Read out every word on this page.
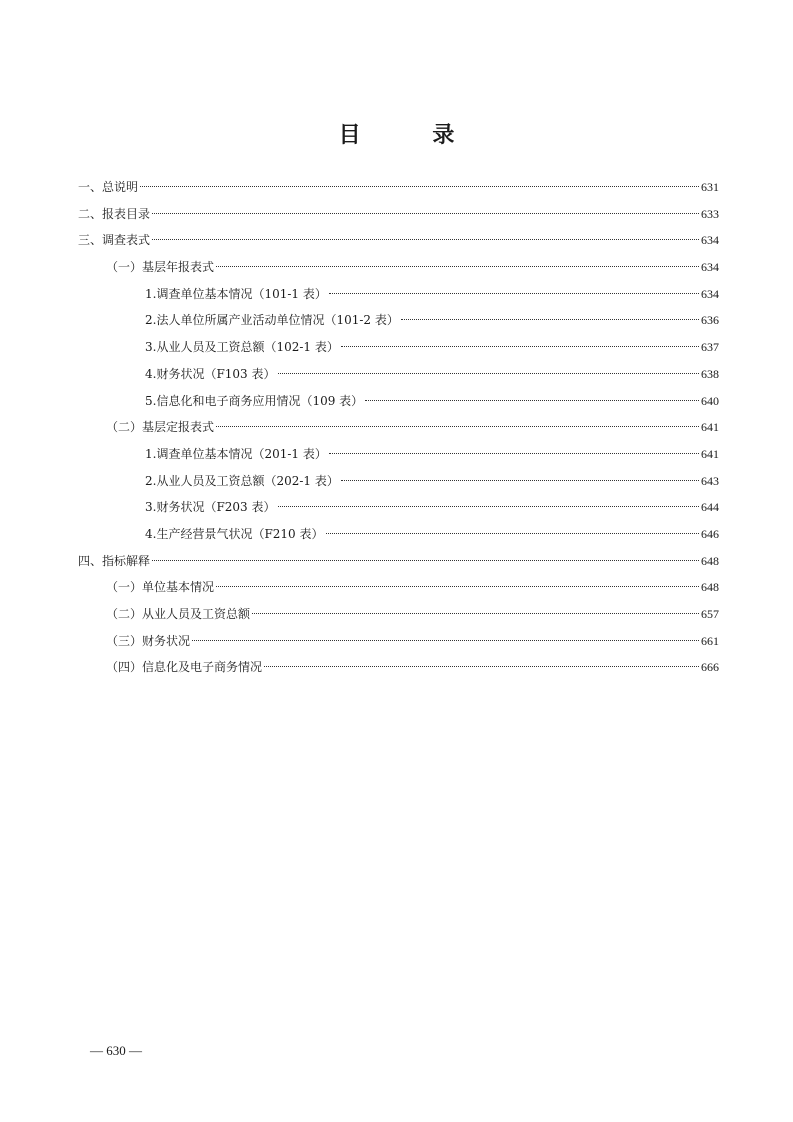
目 录
一、总说明	631
二、报表目录	633
三、调查表式	634
（一）基层年报表式	634
1.调查单位基本情况（101-1 表）	634
2.法人单位所属产业活动单位情况（101-2 表）	636
3.从业人员及工资总额（102-1 表）	637
4.财务状况（F103 表）	638
5.信息化和电子商务应用情况（109 表）	640
（二）基层定报表式	641
1.调查单位基本情况（201-1 表）	641
2.从业人员及工资总额（202-1 表）	643
3.财务状况（F203 表）	644
4.生产经营景气状况（F210 表）	646
四、指标解释	648
（一）单位基本情况	648
（二）从业人员及工资总额	657
（三）财务状况	661
（四）信息化及电子商务情况	666
— 630 —
